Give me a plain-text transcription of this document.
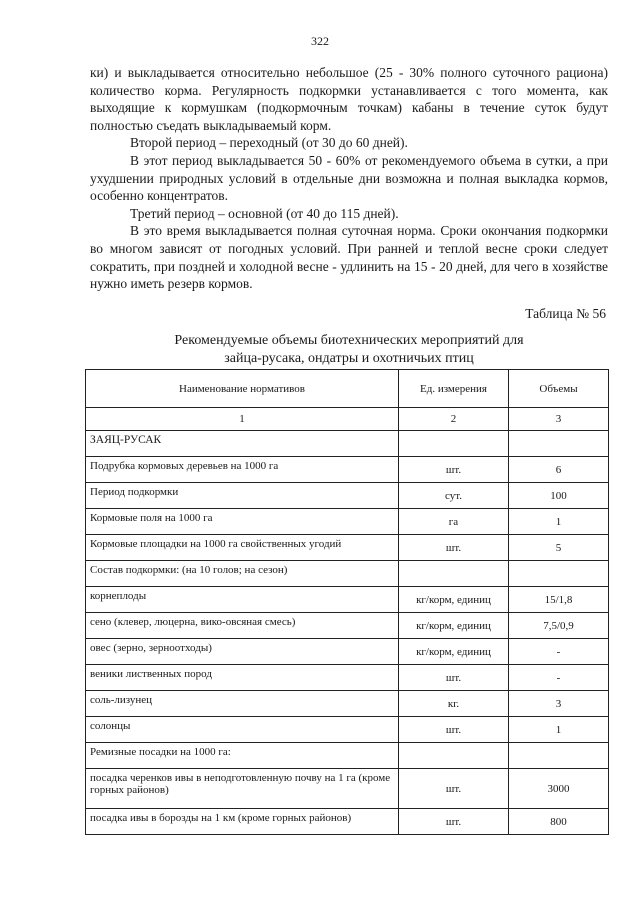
322

ки) и выкладывается относительно небольшое (25 - 30% полного суточного рациона) количество корма. Регулярность подкормки устанавливается с того момента, как выходящие к кормушкам (подкормочным точкам) кабаны в течение суток будут полностью съедать выкладываемый корм.

Второй период – переходный (от 30 до 60 дней).

В этот период выкладывается 50 - 60% от рекомендуемого объема в сутки, а при ухудшении природных условий в отдельные дни возможна и полная выкладка кормов, особенно концентратов.

Третий период – основной (от 40 до 115 дней).

В это время выкладывается полная суточная норма. Сроки окончания подкормки во многом зависят от погодных условий. При ранней и теплой весне сроки следует сократить, при поздней и холодной весне - удлинить на 15 - 20 дней, для чего в хозяйстве нужно иметь резерв кормов.

Таблица № 56
Рекомендуемые объемы биотехнических мероприятий для
зайца-русака, ондатры и охотничьих птиц
Наименование нормативов	Ед. измерения	Объемы
1	2	3
ЗАЯЦ-РУСАК		
Подрубка кормовых деревьев на 1000 га	шт.	6
Период подкормки	сут.	100
Кормовые поля на 1000 га	га	1
Кормовые площадки на 1000 га свойственных угодий	шт.	5
Состав подкормки: (на 10 голов; на сезон)		
корнеплоды	кг/корм, единиц	15/1,8
сено (клевер, люцерна, вико-овсяная смесь)	кг/корм, единиц	7,5/0,9
овес (зерно, зерноотходы)	кг/корм, единиц	-
веники лиственных пород	шт.	-
соль-лизунец	кг.	3
солонцы	шт.	1
Ремизные посадки на 1000 га:		
посадка черенков ивы в неподготовленную почву на 1 га (кроме горных районов)	шт.	3000
посадка ивы в борозды на 1 км (кроме горных районов)	шт.	800
